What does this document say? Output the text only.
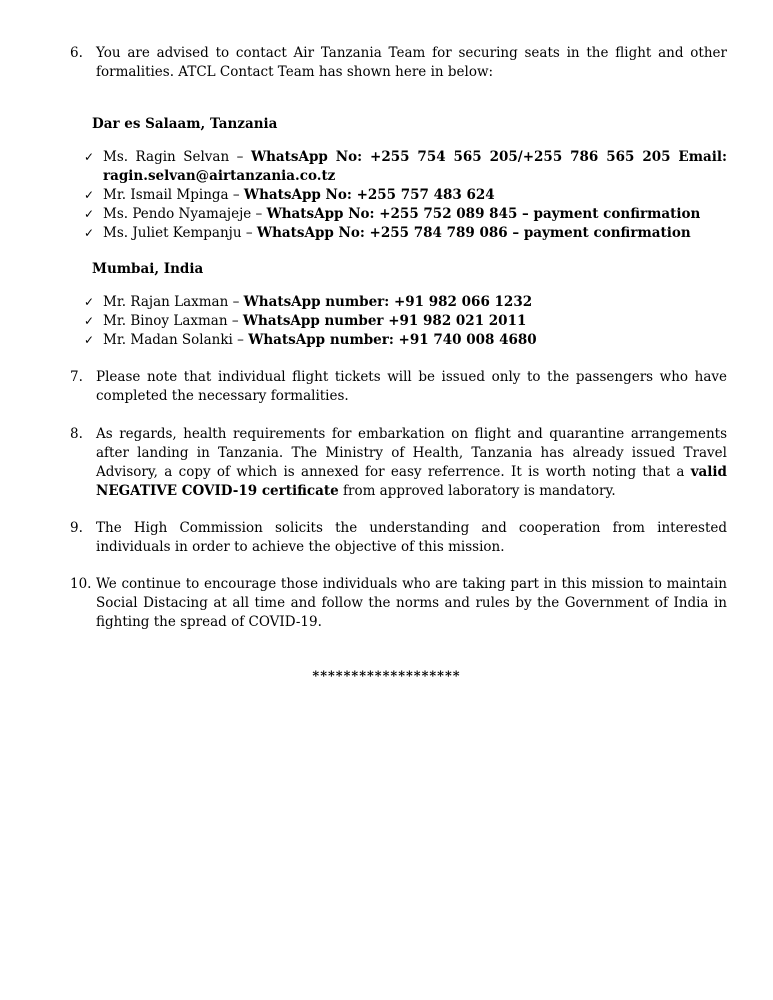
6. You are advised to contact Air Tanzania Team for securing seats in the flight and other formalities. ATCL Contact Team has shown here in below:
Dar es Salaam, Tanzania
✓ Ms. Ragin Selvan – WhatsApp No: +255 754 565 205/+255 786 565 205 Email: ragin.selvan@airtanzania.co.tz
✓ Mr. Ismail Mpinga – WhatsApp No: +255 757 483 624
✓ Ms. Pendo Nyamajeje – WhatsApp No: +255 752 089 845 – payment confirmation
✓ Ms. Juliet Kempanju – WhatsApp No: +255 784 789 086 – payment confirmation
Mumbai, India
✓ Mr. Rajan Laxman – WhatsApp number: +91 982 066 1232
✓ Mr. Binoy Laxman – WhatsApp number +91 982 021 2011
✓ Mr. Madan Solanki – WhatsApp number: +91 740 008 4680
7. Please note that individual flight tickets will be issued only to the passengers who have completed the necessary formalities.
8. As regards, health requirements for embarkation on flight and quarantine arrangements after landing in Tanzania. The Ministry of Health, Tanzania has already issued Travel Advisory, a copy of which is annexed for easy referrence. It is worth noting that a valid NEGATIVE COVID-19 certificate from approved laboratory is mandatory.
9. The High Commission solicits the understanding and cooperation from interested individuals in order to achieve the objective of this mission.
10. We continue to encourage those individuals who are taking part in this mission to maintain Social Distacing at all time and follow the norms and rules by the Government of India in fighting the spread of COVID-19.
*******************
